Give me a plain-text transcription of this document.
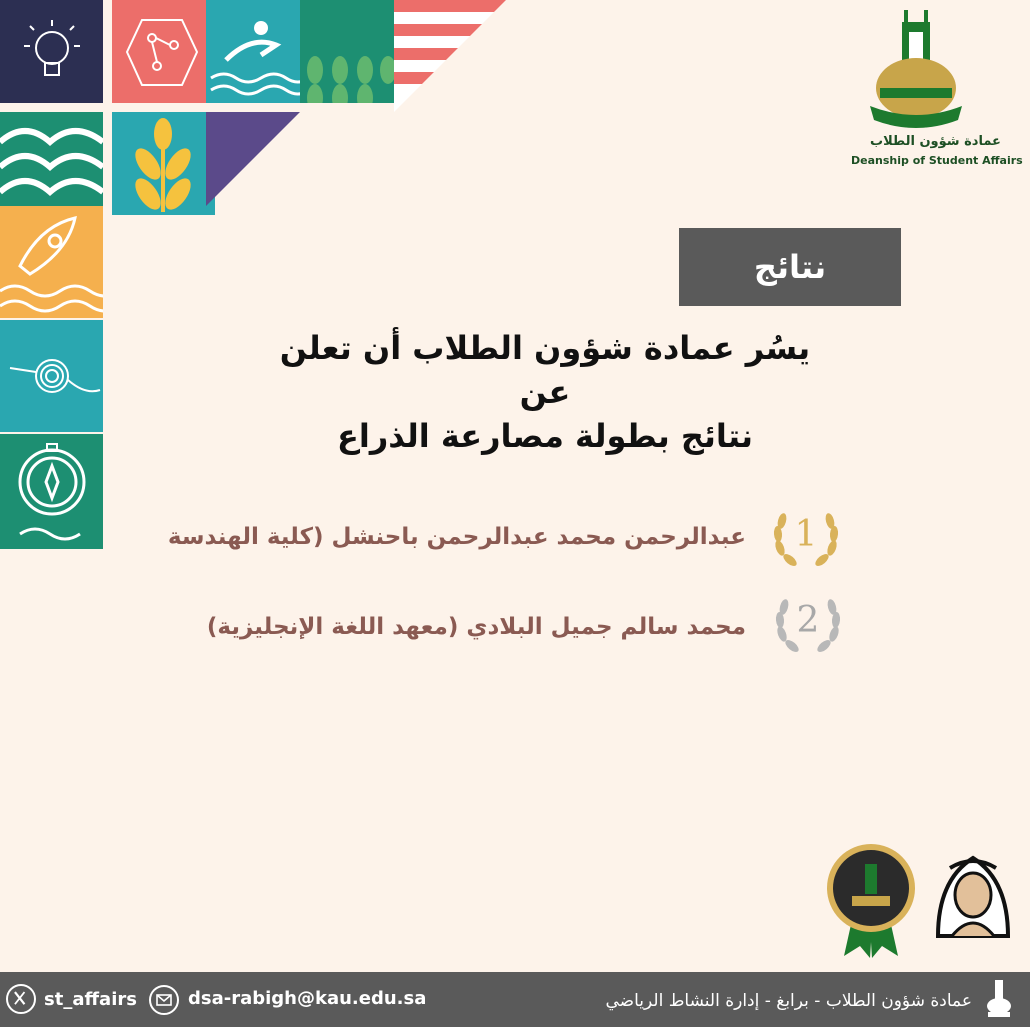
عمادة شؤون الطلاب
Deanship of Student Affairs
نتائج
يسُر عمادة شؤون الطلاب أن تعلن عن
نتائج بطولة مصارعة الذراع
1
عبدالرحمن محمد عبدالرحمن باحنشل (كلية الهندسة
2
محمد سالم جميل البلادي (معهد اللغة الإنجليزية)
st_affairs	dsa-rabigh@kau.edu.sa	عمادة شؤون الطلاب - برابغ - إدارة النشاط الرياضي
